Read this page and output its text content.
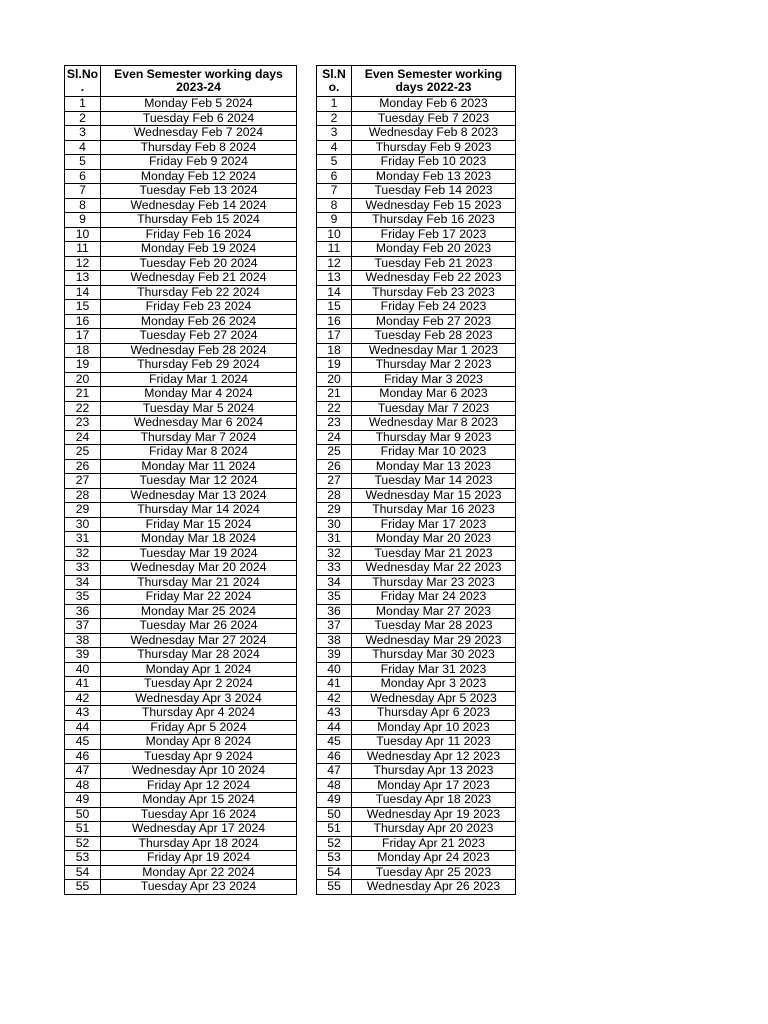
Sl.No .	Even Semester working days 2023-24
1	Monday Feb 5 2024
2	Tuesday Feb 6 2024
3	Wednesday Feb 7 2024
4	Thursday Feb 8 2024
5	Friday Feb 9 2024
6	Monday Feb 12 2024
7	Tuesday Feb 13 2024
8	Wednesday Feb 14 2024
9	Thursday Feb 15 2024
10	Friday Feb 16 2024
11	Monday Feb 19 2024
12	Tuesday Feb 20 2024
13	Wednesday Feb 21 2024
14	Thursday Feb 22 2024
15	Friday Feb 23 2024
16	Monday Feb 26 2024
17	Tuesday Feb 27 2024
18	Wednesday Feb 28 2024
19	Thursday Feb 29 2024
20	Friday Mar 1 2024
21	Monday Mar 4 2024
22	Tuesday Mar 5 2024
23	Wednesday Mar 6 2024
24	Thursday Mar 7 2024
25	Friday Mar 8 2024
26	Monday Mar 11 2024
27	Tuesday Mar 12 2024
28	Wednesday Mar 13 2024
29	Thursday Mar 14 2024
30	Friday Mar 15 2024
31	Monday Mar 18 2024
32	Tuesday Mar 19 2024
33	Wednesday Mar 20 2024
34	Thursday Mar 21 2024
35	Friday Mar 22 2024
36	Monday Mar 25 2024
37	Tuesday Mar 26 2024
38	Wednesday Mar 27 2024
39	Thursday Mar 28 2024
40	Monday Apr 1 2024
41	Tuesday Apr 2 2024
42	Wednesday Apr 3 2024
43	Thursday Apr 4 2024
44	Friday Apr 5 2024
45	Monday Apr 8 2024
46	Tuesday Apr 9 2024
47	Wednesday Apr 10 2024
48	Friday Apr 12 2024
49	Monday Apr 15 2024
50	Tuesday Apr 16 2024
51	Wednesday Apr 17 2024
52	Thursday Apr 18 2024
53	Friday Apr 19 2024
54	Monday Apr 22 2024
55	Tuesday Apr 23 2024
Sl.N o.	Even Semester working days 2022-23
1	Monday Feb 6 2023
2	Tuesday Feb 7 2023
3	Wednesday Feb 8 2023
4	Thursday Feb 9 2023
5	Friday Feb 10 2023
6	Monday Feb 13 2023
7	Tuesday Feb 14 2023
8	Wednesday Feb 15 2023
9	Thursday Feb 16 2023
10	Friday Feb 17 2023
11	Monday Feb 20 2023
12	Tuesday Feb 21 2023
13	Wednesday Feb 22 2023
14	Thursday Feb 23 2023
15	Friday Feb 24 2023
16	Monday Feb 27 2023
17	Tuesday Feb 28 2023
18	Wednesday Mar 1 2023
19	Thursday Mar 2 2023
20	Friday Mar 3 2023
21	Monday Mar 6 2023
22	Tuesday Mar 7 2023
23	Wednesday Mar 8 2023
24	Thursday Mar 9 2023
25	Friday Mar 10 2023
26	Monday Mar 13 2023
27	Tuesday Mar 14 2023
28	Wednesday Mar 15 2023
29	Thursday Mar 16 2023
30	Friday Mar 17 2023
31	Monday Mar 20 2023
32	Tuesday Mar 21 2023
33	Wednesday Mar 22 2023
34	Thursday Mar 23 2023
35	Friday Mar 24 2023
36	Monday Mar 27 2023
37	Tuesday Mar 28 2023
38	Wednesday Mar 29 2023
39	Thursday Mar 30 2023
40	Friday Mar 31 2023
41	Monday Apr 3 2023
42	Wednesday Apr 5 2023
43	Thursday Apr 6 2023
44	Monday Apr 10 2023
45	Tuesday Apr 11 2023
46	Wednesday Apr 12 2023
47	Thursday Apr 13 2023
48	Monday Apr 17 2023
49	Tuesday Apr 18 2023
50	Wednesday Apr 19 2023
51	Thursday Apr 20 2023
52	Friday Apr 21 2023
53	Monday Apr 24 2023
54	Tuesday Apr 25 2023
55	Wednesday Apr 26 2023
